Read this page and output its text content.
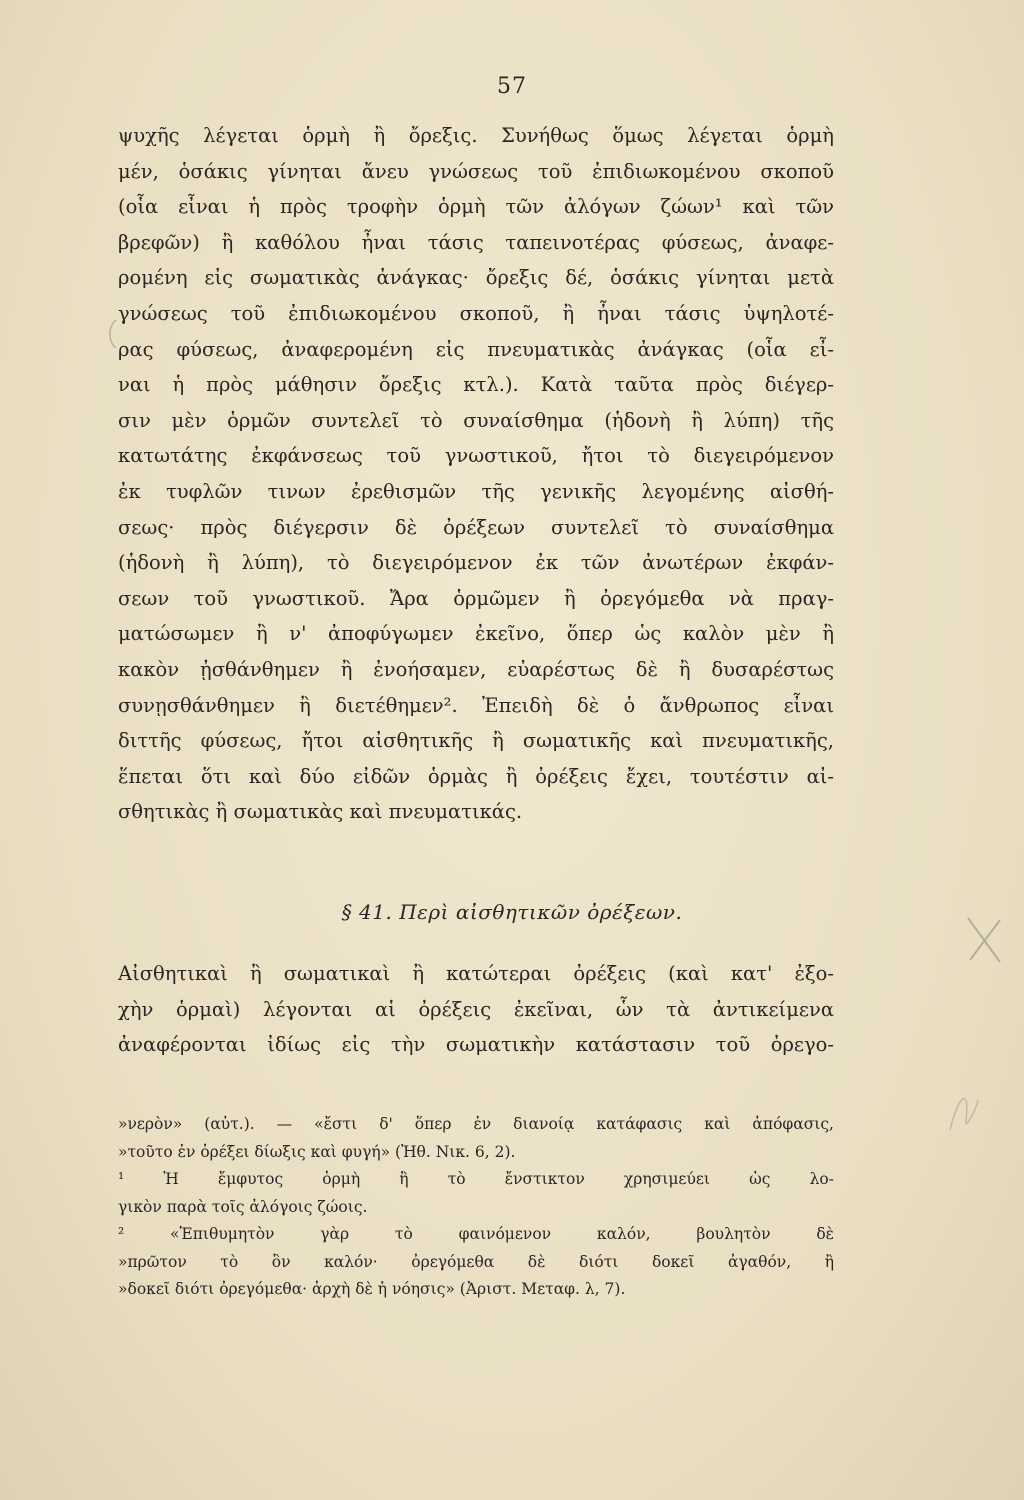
57
ψυχῆς λέγεται ὁρμὴ ἢ ὄρεξις. Συνήθως ὅμως λέγεται ὁρμὴ
μέν, ὁσάκις γίνηται ἄνευ γνώσεως τοῦ ἐπιδιωκομένου σκοποῦ
(οἷα εἶναι ἡ πρὸς τροφὴν ὁρμὴ τῶν ἀλόγων ζώων¹ καὶ τῶν
βρεφῶν) ἢ καθόλου ἦναι τάσις ταπεινοτέρας φύσεως, ἀναφε-
ρομένη εἰς σωματικὰς ἀνάγκας· ὄρεξις δέ, ὁσάκις γίνηται μετὰ
γνώσεως τοῦ ἐπιδιωκομένου σκοποῦ, ἢ ἦναι τάσις ὑψηλοτέ-
ρας φύσεως, ἀναφερομένη εἰς πνευματικὰς ἀνάγκας (οἷα εἶ-
ναι ἡ πρὸς μάθησιν ὄρεξις κτλ.). Κατὰ ταῦτα πρὸς διέγερ-
σιν μὲν ὁρμῶν συντελεῖ τὸ συναίσθημα (ἡδονὴ ἢ λύπη) τῆς
κατωτάτης ἐκφάνσεως τοῦ γνωστικοῦ, ἤτοι τὸ διεγειρόμενον
ἐκ τυφλῶν τινων ἐρεθισμῶν τῆς γενικῆς λεγομένης αἰσθή-
σεως· πρὸς διέγερσιν δὲ ὀρέξεων συντελεῖ τὸ συναίσθημα
(ἡδονὴ ἢ λύπη), τὸ διεγειρόμενον ἐκ τῶν ἀνωτέρων ἐκφάν-
σεων τοῦ γνωστικοῦ. Ἄρα ὁρμῶμεν ἢ ὀρεγόμεθα νὰ πραγ-
ματώσωμεν ἢ ν' ἀποφύγωμεν ἐκεῖνο, ὅπερ ὡς καλὸν μὲν ἢ
κακὸν ᾐσθάνθημεν ἢ ἐνοήσαμεν, εὐαρέστως δὲ ἢ δυσαρέστως
συνῃσθάνθημεν ἢ διετέθημεν². Ἐπειδὴ δὲ ὁ ἄνθρωπος εἶναι
διττῆς φύσεως, ἤτοι αἰσθητικῆς ἢ σωματικῆς καὶ πνευματικῆς,
ἕπεται ὅτι καὶ δύο εἰδῶν ὁρμὰς ἢ ὀρέξεις ἔχει, τουτέστιν αἰ-
σθητικὰς ἢ σωματικὰς καὶ πνευματικάς.
§ 41. Περὶ αἰσθητικῶν ὀρέξεων.
Αἰσθητικαὶ ἢ σωματικαὶ ἢ κατώτεραι ὀρέξεις (καὶ κατ' ἐξο-
χὴν ὁρμαὶ) λέγονται αἱ ὀρέξεις ἐκεῖναι, ὧν τὰ ἀντικείμενα
ἀναφέρονται ἰδίως εἰς τὴν σωματικὴν κατάστασιν τοῦ ὀρεγο-
»νερὸν» (αὐτ.). — «ἔστι δ' ὅπερ ἐν διανοίᾳ κατάφασις καὶ ἀπόφασις,
»τοῦτο ἐν ὀρέξει δίωξις καὶ φυγή» (Ἠθ. Νικ. 6, 2).
¹ Ἡ ἔμφυτος ὁρμὴ ἢ τὸ ἔνστικτον χρησιμεύει ὡς λο-
γικὸν παρὰ τοῖς ἀλόγοις ζώοις.
² «Ἐπιθυμητὸν γὰρ τὸ φαινόμενον καλόν, βουλητὸν δὲ
»πρῶτον τὸ ὂν καλόν· ὀρεγόμεθα δὲ διότι δοκεῖ ἀγαθόν, ἢ
»δοκεῖ διότι ὀρεγόμεθα· ἀρχὴ δὲ ἡ νόησις» (Ἀριστ. Μεταφ. λ, 7).
